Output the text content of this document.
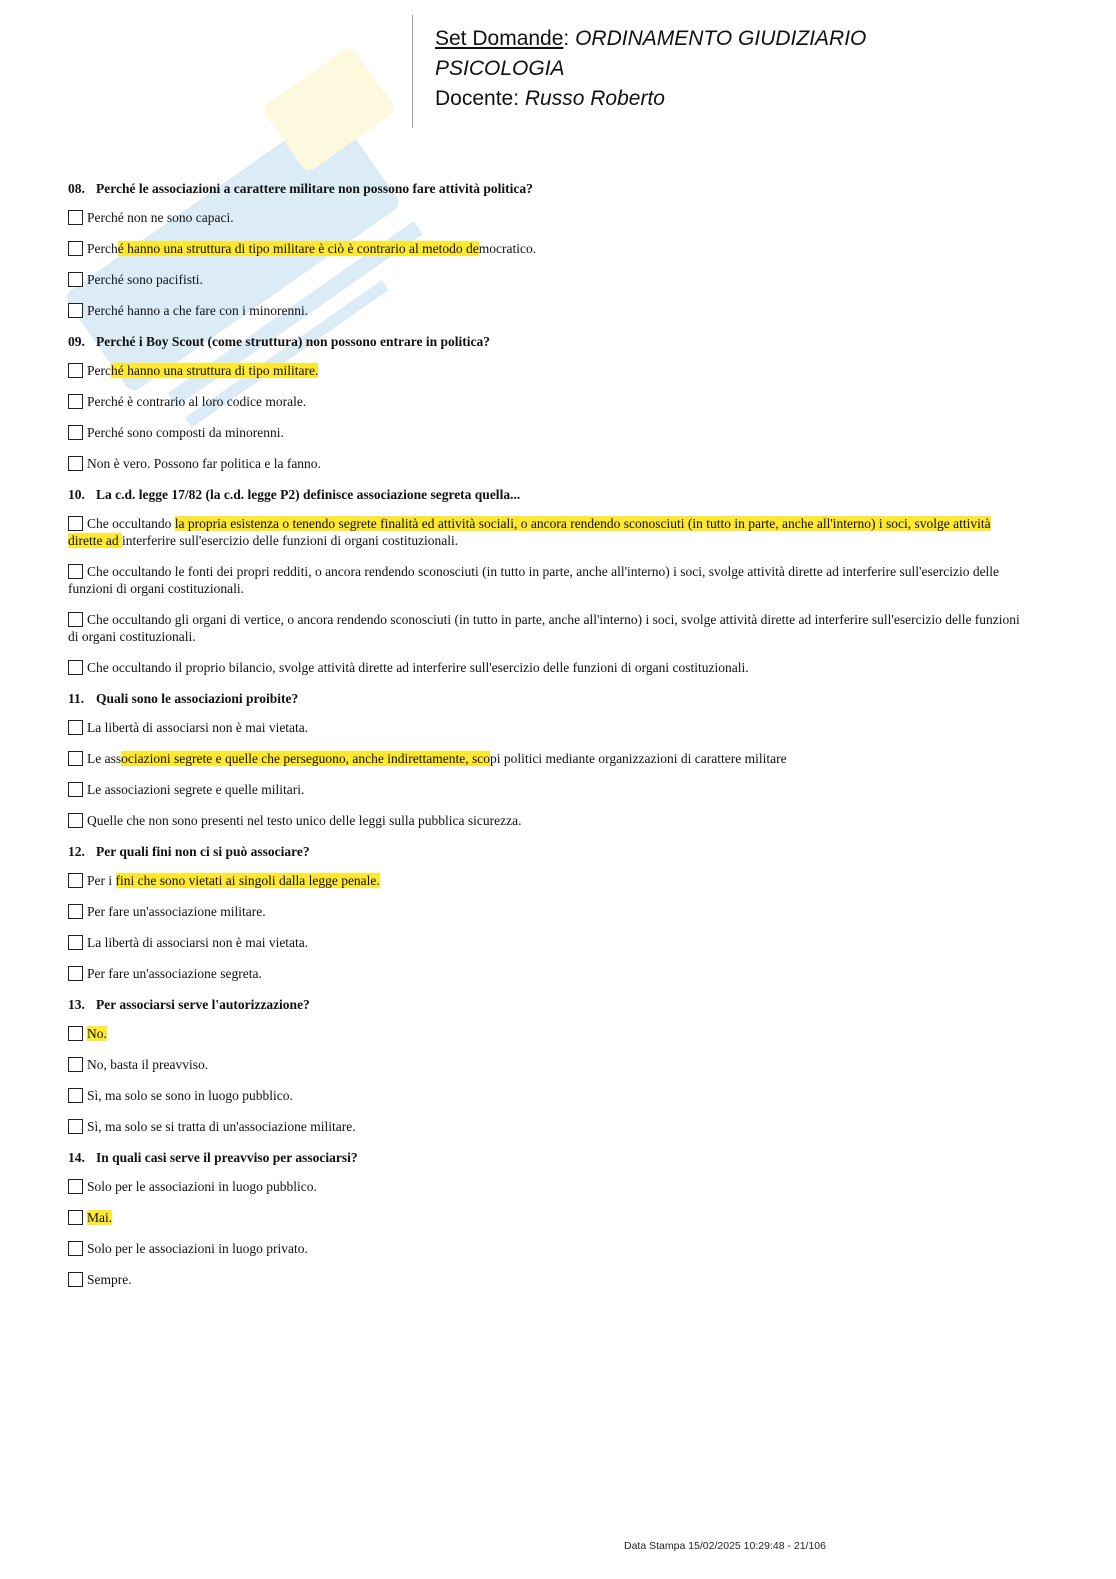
Set Domande: ORDINAMENTO GIUDIZIARIO
PSICOLOGIA
Docente: Russo Roberto
08. Perché le associazioni a carattere militare non possono fare attività politica?
Perché non ne sono capaci.
Perché hanno una struttura di tipo militare è ciò è contrario al metodo democratico.
Perché sono pacifisti.
Perché hanno a che fare con i minorenni.
09. Perché i Boy Scout (come struttura) non possono entrare in politica?
Perché hanno una struttura di tipo militare.
Perché è contrario al loro codice morale.
Perché sono composti da minorenni.
Non è vero. Possono far politica e la fanno.
10. La c.d. legge 17/82 (la c.d. legge P2) definisce associazione segreta quella...
Che occultando la propria esistenza o tenendo segrete finalità ed attività sociali, o ancora rendendo sconosciuti (in tutto in parte, anche all'interno) i soci, svolge attività dirette ad interferire sull'esercizio delle funzioni di organi costituzionali.
Che occultando le fonti dei propri redditi, o ancora rendendo sconosciuti (in tutto in parte, anche all'interno) i soci, svolge attività dirette ad interferire sull'esercizio delle funzioni di organi costituzionali.
Che occultando gli organi di vertice, o ancora rendendo sconosciuti (in tutto in parte, anche all'interno) i soci, svolge attività dirette ad interferire sull'esercizio delle funzioni di organi costituzionali.
Che occultando il proprio bilancio, svolge attività dirette ad interferire sull'esercizio delle funzioni di organi costituzionali.
11. Quali sono le associazioni proibite?
La libertà di associarsi non è mai vietata.
Le associazioni segrete e quelle che perseguono, anche indirettamente, scopi politici mediante organizzazioni di carattere militare
Le associazioni segrete e quelle militari.
Quelle che non sono presenti nel testo unico delle leggi sulla pubblica sicurezza.
12. Per quali fini non ci si può associare?
Per i fini che sono vietati ai singoli dalla legge penale.
Per fare un'associazione militare.
La libertà di associarsi non è mai vietata.
Per fare un'associazione segreta.
13. Per associarsi serve l'autorizzazione?
No.
No, basta il preavviso.
Sì, ma solo se sono in luogo pubblico.
Sì, ma solo se si tratta di un'associazione militare.
14. In quali casi serve il preavviso per associarsi?
Solo per le associazioni in luogo pubblico.
Mai.
Solo per le associazioni in luogo privato.
Sempre.
Data Stampa 15/02/2025 10:29:48 - 21/106
